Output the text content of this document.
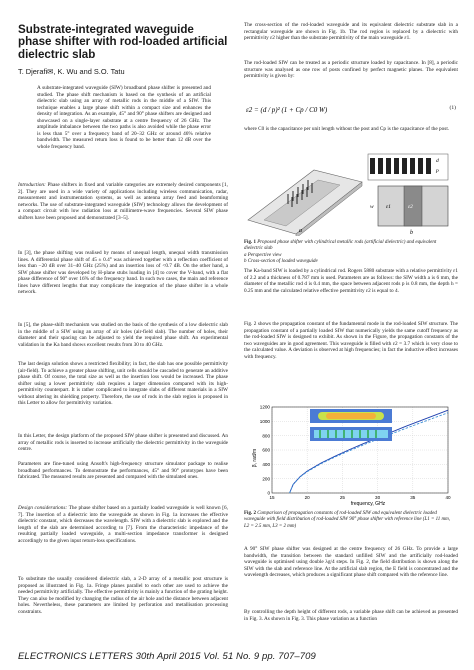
Substrate-integrated waveguide phase shifter with rod-loaded artificial dielectric slab
T. Djerafi✉, K. Wu and S.O. Tatu
A substrate-integrated waveguide (SIW) broadband phase shifter is presented and studied. The phase shift mechanism is based on the synthesis of an artificial dielectric slab using an array of metallic rods in the middle of a SIW. This technique enables a large phase shift within a compact size and enhances the density of integration. As an example, 45° and 90° phase shifters are designed and showcased on a single-layer substrate at a centre frequency of 26 GHz. The amplitude imbalance between the two paths is also avoided while the phase error is less than 5° over a frequency band of 20–32 GHz or around 46% relative bandwidth. The measured return loss is found to be better than 12 dB over the whole frequency band.

Introduction: Phase shifters in fixed and variable categories are extremely desired components [1, 2]. They are used in a wide variety of applications including wireless communication, radar, measurement and instrumentation systems, as well as antenna array feed and beamforming networks. The use of substrate-integrated waveguide (SIW) technology allows the development of a compact circuit with low radiation loss at millimetre-wave frequencies. Several SIW phase shifters have been proposed and demonstrated [3–5].

In [3], the phase shifting was realised by means of unequal length, unequal width transmission lines. A differential phase shift of 45 ± 0.4° was achieved together with a reflection coefficient of less than −20 dB over 31–40 GHz (25%) and an insertion loss of <0.7 dB. On the other hand, a SIW phase shifter was developed by H-plane stubs loading in [4] to cover the V-band, with a flat phase difference of 90° over 16% of the frequency band. In such two cases, the main and reference lines have different lengths that may complicate the integration of the phase shifter in a whole network.

In [5], the phase-shift mechanism was studied on the basis of the synthesis of a low dielectric slab in the middle of a SIW using an array of air holes (air-field slab). The number of holes, their diameter and their spacing can be adjusted to yield the required phase shift. An experimental validation in the Ka band shows excellent results from 30 to 40 GHz.

The last design solution shows a restricted flexibility; in fact, the slab has one possible permittivity (air-field). To achieve a greater phase shifting, unit cells should be cascaded to generate an additive phase shift. Of course, the total size as well as the insertion loss would be increased. The phase shifter using a lower permittivity slab requires a larger dimension compared with its high-permittivity counterpart. It is rather complicated to integrate slabs of different materials in a SIW without altering its shielding property. Therefore, the use of rods in the slab region is proposed in this Letter to allow for permittivity variation.

In this Letter, the design platform of the proposed SIW phase shifter is presented and discussed. An array of metallic rods is inserted to increase artificially the dielectric permittivity in the waveguide centre.

Parameters are fine-tuned using Ansoft's high-frequency structure simulator package to realise broadband performances. To demonstrate the performances, 45° and 90° prototypes have been fabricated. The measured results are presented and compared with the simulated ones.

Design considerations: The phase shifter based on a partially loaded waveguide is well known [6, 7]. The insertion of a dielectric into the waveguide as shown in Fig. 1a increases the effective dielectric constant, which decreases the wavelength. SIW with a dielectric slab is explored and the length of the slab are determined according to [7]. From the characteristic impedance of the resulting partially loaded waveguide, a multi-section impedance transformer is designed accordingly to the given input return-loss specifications.

To substitute the usually considered dielectric slab, a 2-D array of a metallic post structure is proposed as illustrated in Fig. 1a. Fringe planes parallel to each other are used to achieve the needed permittivity artificially. The effective permittivity is mainly a function of the grating height. They can also be modified by changing the radius of the air hole and the distance between adjacent holes. Nevertheless, these parameters are limited by perforation and metallisation processing constraints.

The cross-section of the rod-loaded waveguide and its equivalent dielectric substrate slab in a rectangular waveguide are shown in Fig. 1b. The rod region is replaced by a dielectric with permittivity ε2 higher than the substrate permittivity of the main waveguide ε1.

The rod-loaded SIW can be treated as a periodic structure loaded by capacitance. In [8], a periodic structure was analysed as one row of posts confined by perfect magnetic planes. The equivalent permittivity is given by:

ε2 = (d / p)² (1 + Cp / C0 W)	(1)

where C0 is the capacitance per unit length without the post and Cp is the capacitance of the post.

a
d
p
ε1	ε2
b
w
Fig. 1 Proposed phase shifter with cylindrical metallic rods (artificial dielectric) and equivalent dielectric slab
a Perspective view
b Cross-section of loaded waveguide

The Ka-band SIW is loaded by a cylindrical rod. Rogers 5880 substrate with a relative permittivity ε1 of 2.2 and a thickness of 0.787 mm is used. Parameters are as follows: the SIW width a is 6 mm, the diameter of the metallic rod d is 0.4 mm, the space between adjacent rods p is 0.8 mm, the depth h = 0.25 mm and the calculated relative effective permittivity ε2 is equal to 4.

Fig. 2 shows the propagation constant of the fundamental mode in the rod-loaded SIW structure. The propagation constant of a partially loaded SIW that numerically yields the same cutoff frequency as the rod-loaded SIW is designed to exhibit. As shown in the Figure, the propagation constants of the two waveguides are in good agreement. This waveguide is filled with ε2 = 3.7 which is very close to the calculated value. A deviation is observed at high frequencies; in fact the inductive effect increases with frequency.

15	20	25	30	35	40
0
200
400
600
800
1000
1200
frequency, GHz
β, rad/m
Fig. 2 Comparison of propagation constants of rod-loaded SIW and equivalent dielectric loaded waveguide with field distribution of rod-loaded SIW 90° phase shifter with reference line (L1 = 11 mm, L2 = 2.5 mm, L3 = 2 mm)

A 90° SIW phase shifter was designed at the centre frequency of 26 GHz. To provide a large bandwidth, the transition between the standard unfilled SIW and the artificially rod-loaded waveguide is optimised using double λg/4 steps. In Fig. 2, the field distribution is shown along the SIW with the slab and reference line. At the artificial slab region, the E field is concentrated and the wavelength decreases, which produces a significant phase shift compared with the reference line.

By controlling the depth height of different rods, a variable phase shift can be achieved as presented in Fig. 3. As shown in Fig. 3. This phase variation as a function

ELECTRONICS LETTERS 30th April 2015 Vol. 51 No. 9 pp. 707–709
